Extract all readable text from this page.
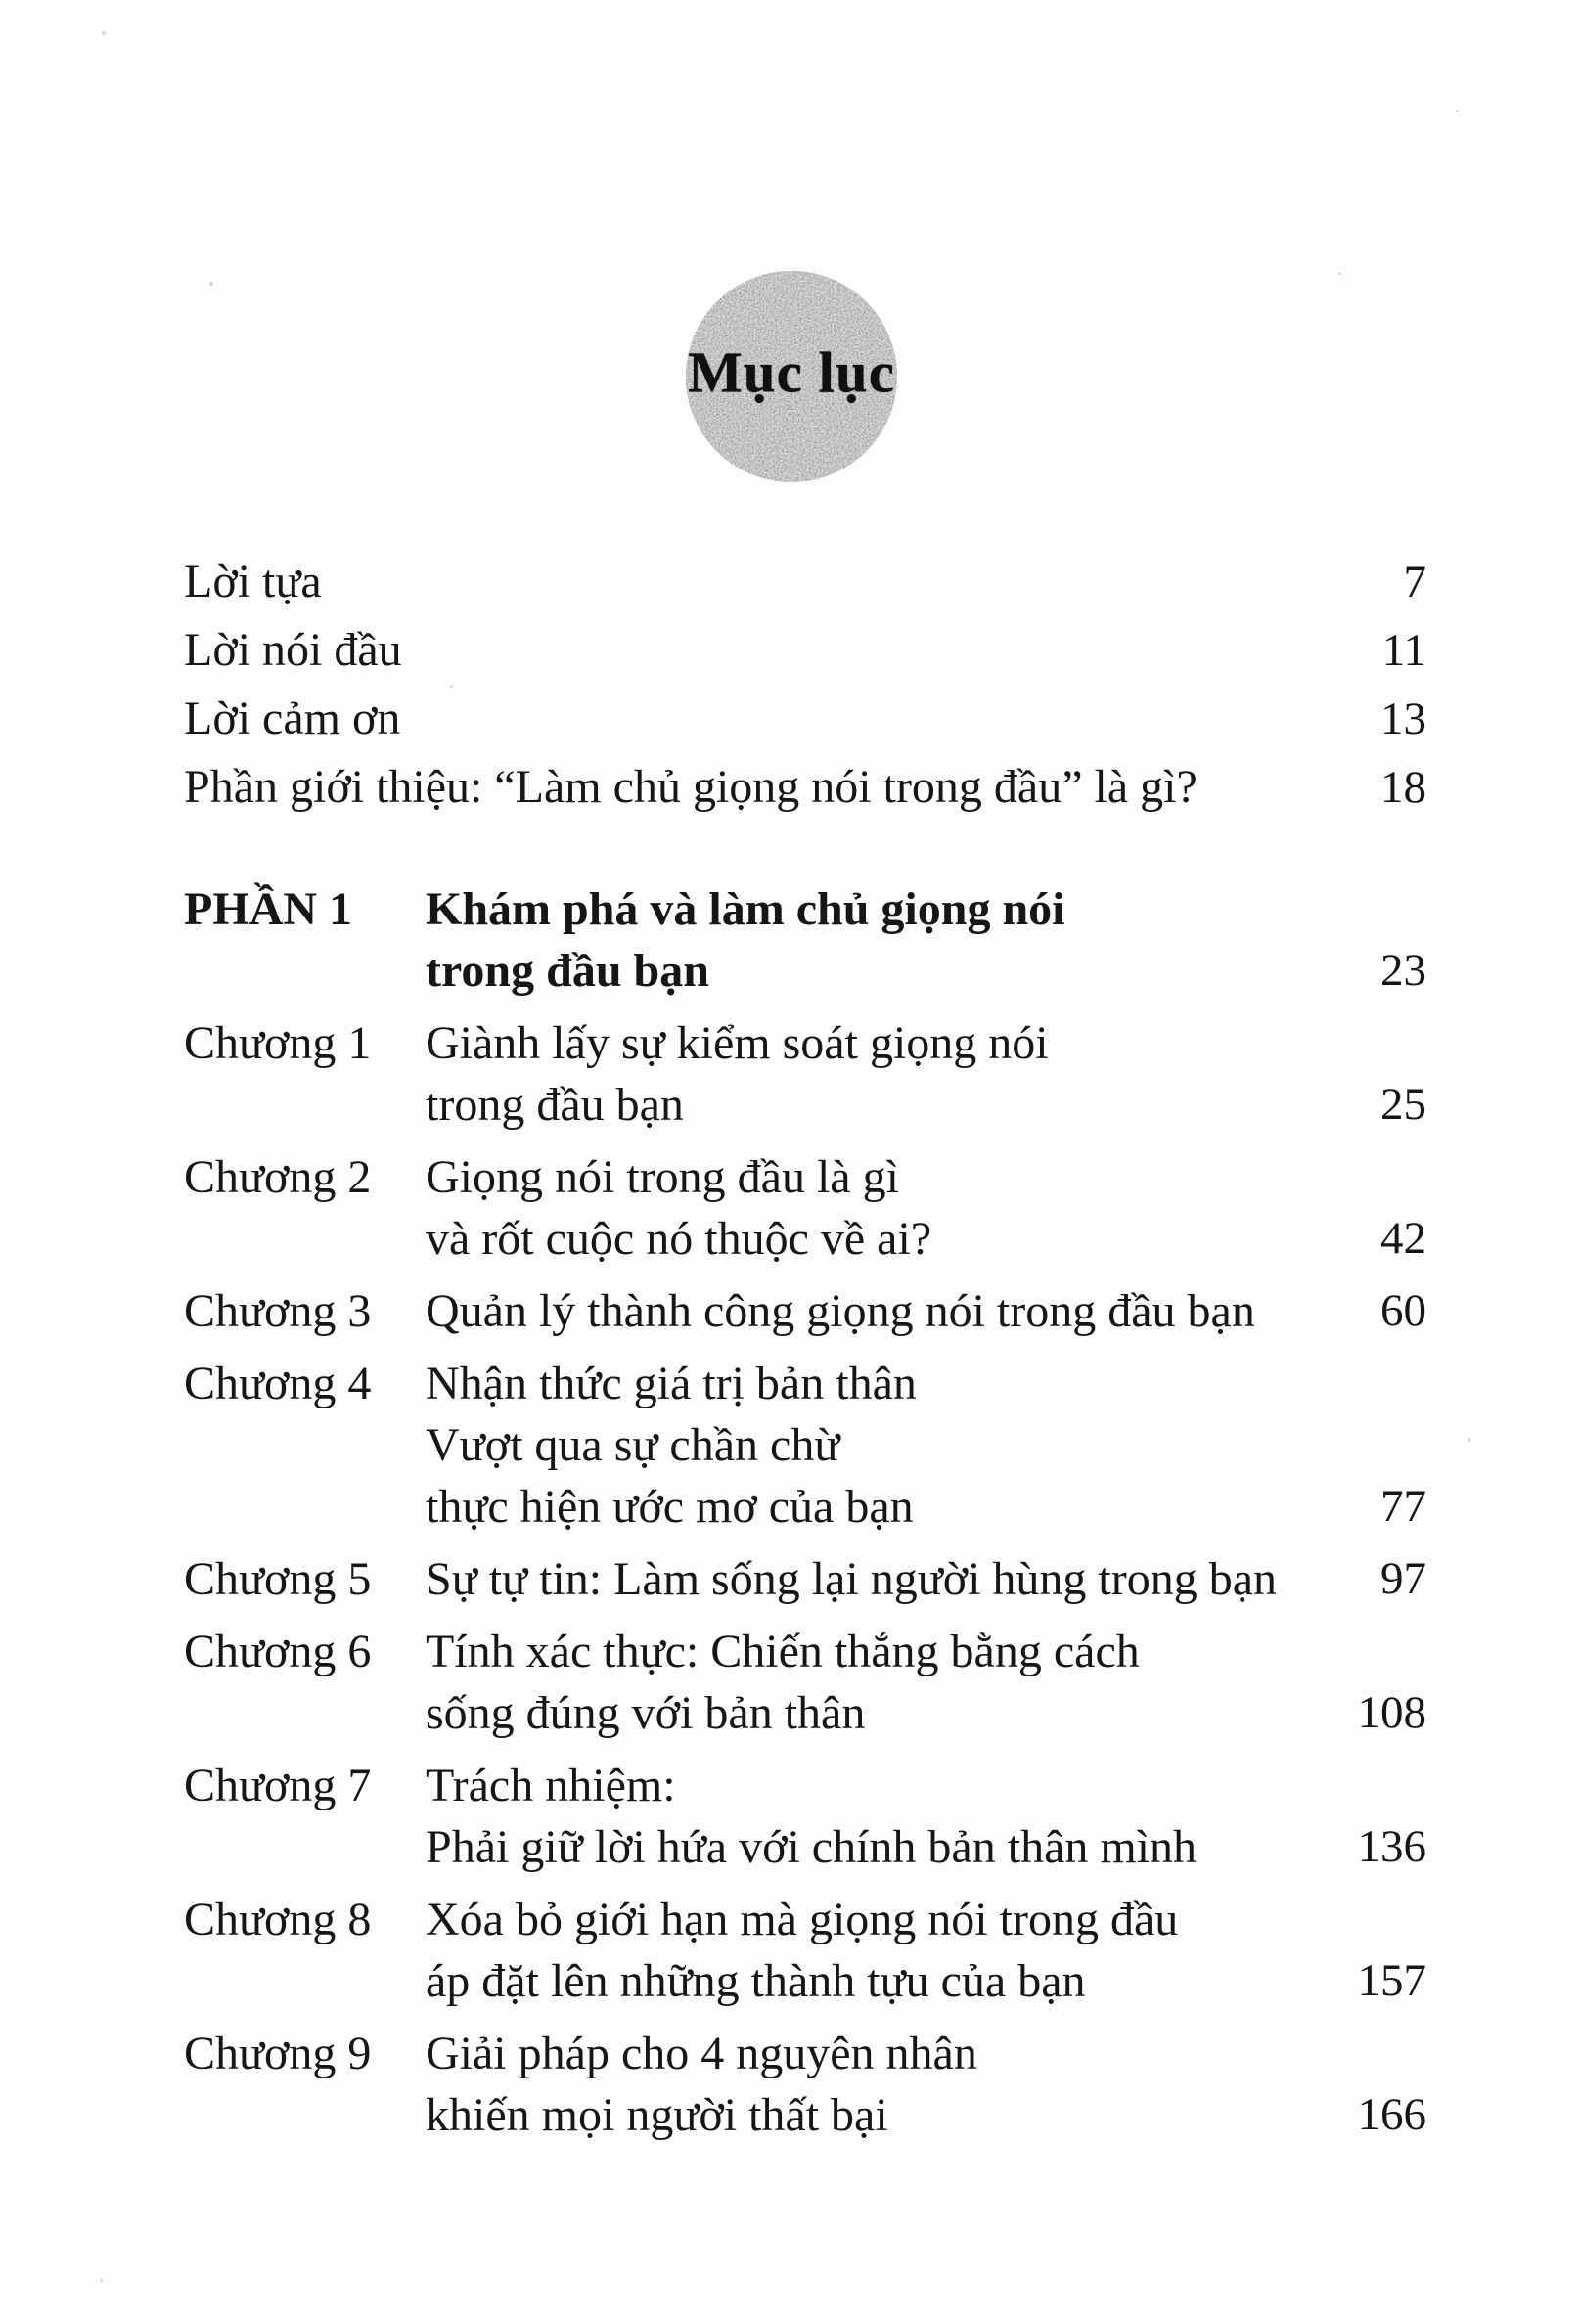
Mục lục
Lời tựa	7
Lời nói đầu	11
Lời cảm ơn	13
Phần giới thiệu: “Làm chủ giọng nói trong đầu” là gì?	18
PHẦN 1	Khám phá và làm chủ giọng nói
trong đầu bạn	23
Chương 1	Giành lấy sự kiểm soát giọng nói
trong đầu bạn	25
Chương 2	Giọng nói trong đầu là gì
và rốt cuộc nó thuộc về ai?	42
Chương 3	Quản lý thành công giọng nói trong đầu bạn	60
Chương 4	Nhận thức giá trị bản thân
Vượt qua sự chần chừ
thực hiện ước mơ của bạn	77
Chương 5	Sự tự tin: Làm sống lại người hùng trong bạn	97
Chương 6	Tính xác thực: Chiến thắng bằng cách
sống đúng với bản thân	108
Chương 7	Trách nhiệm:
Phải giữ lời hứa với chính bản thân mình	136
Chương 8	Xóa bỏ giới hạn mà giọng nói trong đầu
áp đặt lên những thành tựu của bạn	157
Chương 9	Giải pháp cho 4 nguyên nhân
khiến mọi người thất bại	166
